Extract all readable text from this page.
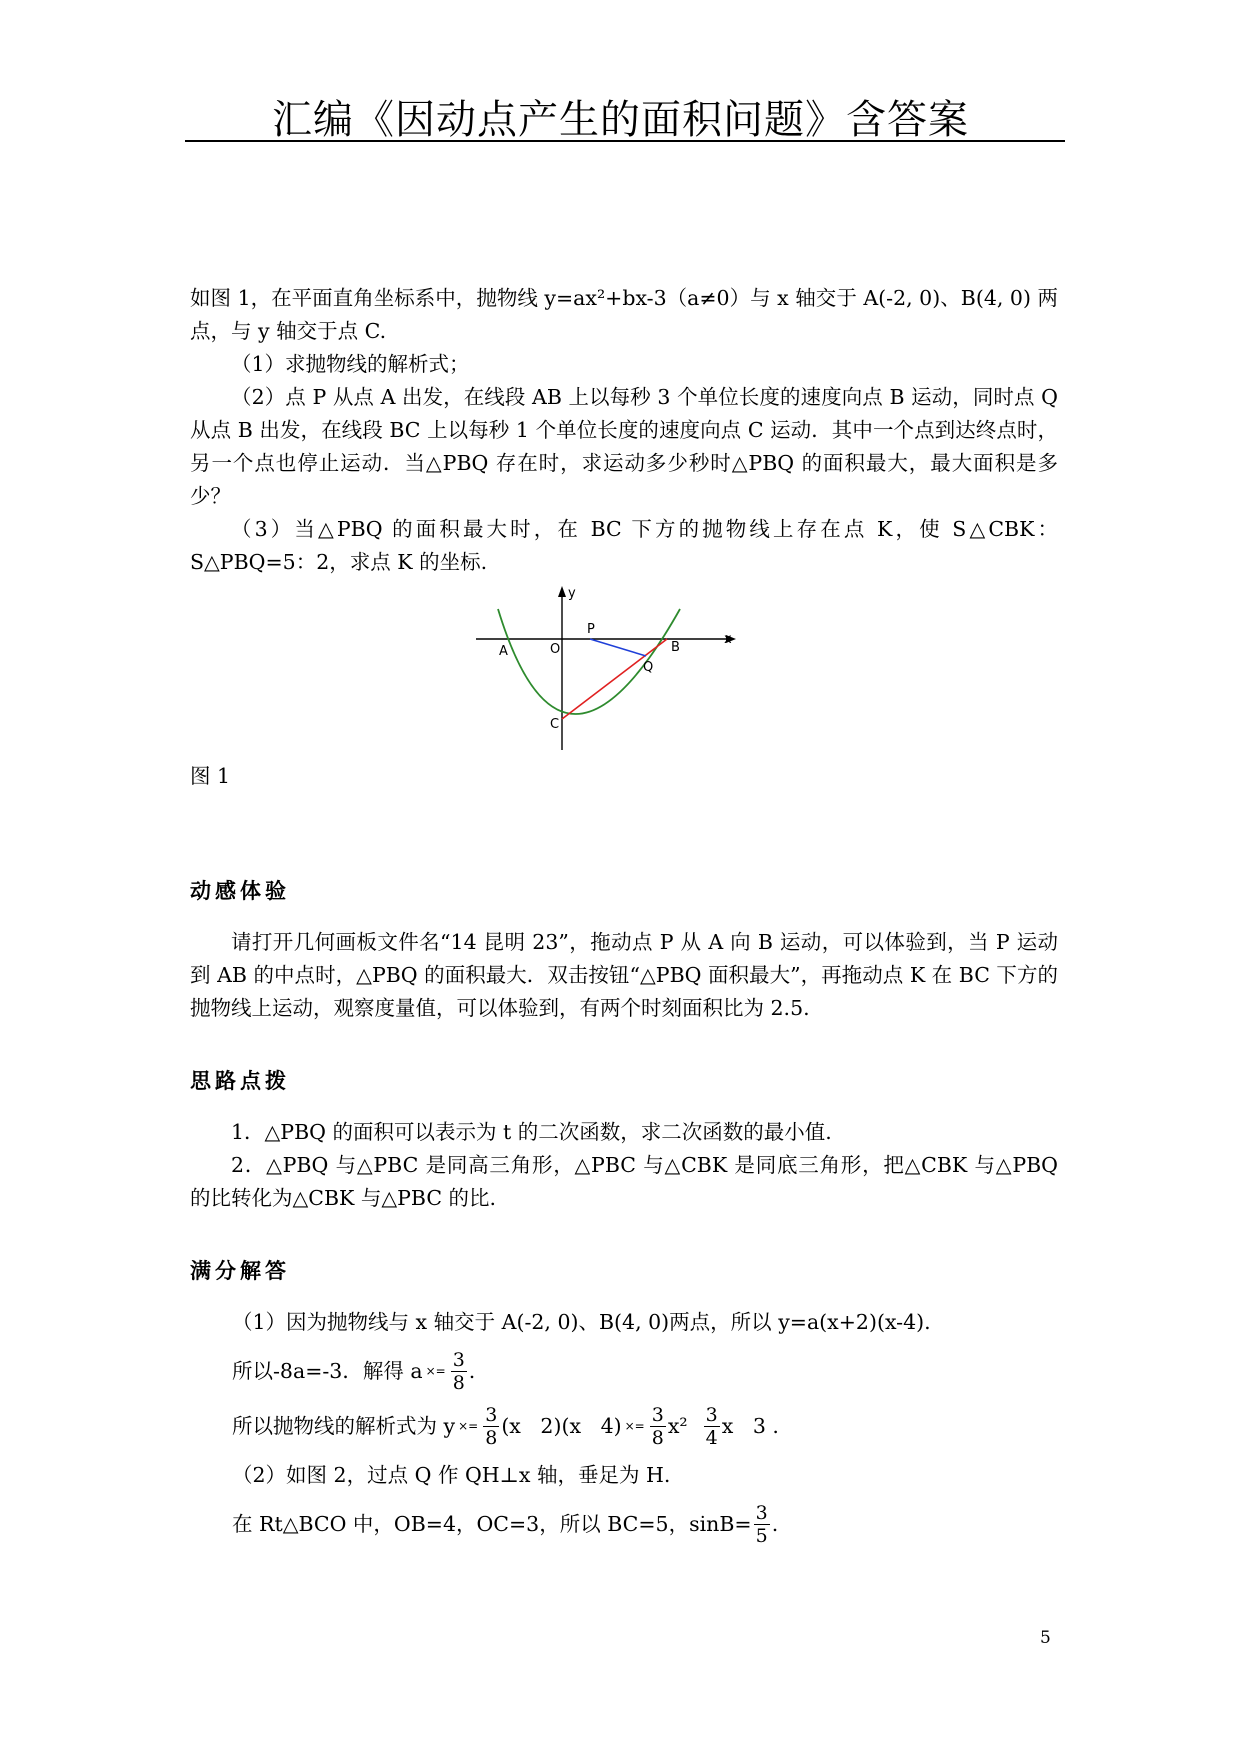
汇编《因动点产生的面积问题》含答案

如图 1，在平面直角坐标系中，抛物线 y=ax²+bx-3（a≠0）与 x 轴交于 A(-2, 0)、B(4, 0) 两点，与 y 轴交于点 C.

（1）求抛物线的解析式；

（2）点 P 从点 A 出发，在线段 AB 上以每秒 3 个单位长度的速度向点 B 运动，同时点 Q 从点 B 出发，在线段 BC 上以每秒 1 个单位长度的速度向点 C 运动．其中一个点到达终点时，另一个点也停止运动．当△PBQ 存在时，求运动多少秒时△PBQ 的面积最大，最大面积是多少？

（3）当△PBQ 的面积最大时，在 BC 下方的抛物线上存在点 K，使 S△CBK：S△PBQ=5：2，求点 K 的坐标.

y
x
P
A	O	B
Q
C

图 1

动感体验

请打开几何画板文件名“14 昆明 23”，拖动点 P 从 A 向 B 运动，可以体验到，当 P 运动到 AB 的中点时，△PBQ 的面积最大．双击按钮“△PBQ 面积最大”，再拖动点 K 在 BC 下方的抛物线上运动，观察度量值，可以体验到，有两个时刻面积比为 2.5.

思路点拨

1．△PBQ 的面积可以表示为 t 的二次函数，求二次函数的最小值.

2．△PBQ 与△PBC 是同高三角形，△PBC 与△CBK 是同底三角形，把△CBK 与△PBQ 的比转化为△CBK 与△PBC 的比.

满分解答

（1）因为抛物线与 x 轴交于 A(-2, 0)、B(4, 0)两点，所以 y=a(x+2)(x-4).

所以-8a=-3．解得 $a \times= \frac{3}{8}$ .
所以抛物线的解析式为 $y \times= \frac{3}{8} (x$   2)(x   $4) \times= \frac{3}{8} x^2 \frac{3}{4}$ x   3 .

（2）如图 2，过点 Q 作 QH⊥x 轴，垂足为 H.

在 Rt△BCO 中，OB=4，OC=3，所以 BC=5，$\sin B= \frac{3}{5}$ .
5
